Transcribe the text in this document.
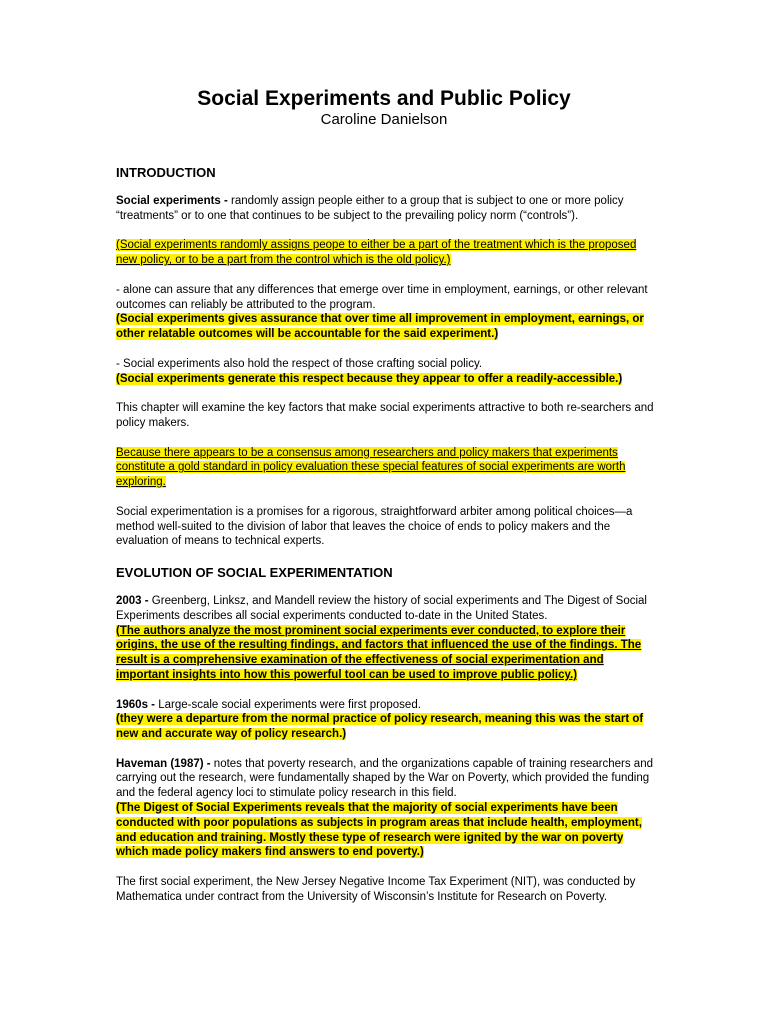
Social Experiments and Public Policy
Caroline Danielson
INTRODUCTION

Social experiments - randomly assign people either to a group that is subject to one or more policy “treatments” or to one that continues to be subject to the prevailing policy norm (“controls”).

(Social experiments randomly assigns peope to either be a part of the treatment which is the proposed new policy, or to be a part from the control which is the old policy.)

- alone can assure that any differences that emerge over time in employment, earnings, or other relevant outcomes can reliably be attributed to the program.
(Social experiments gives assurance that over time all improvement in employment, earnings, or other relatable outcomes will be accountable for the said experiment.)

- Social experiments also hold the respect of those crafting social policy.
(Social experiments generate this respect because they appear to offer a readily-accessible.)

This chapter will examine the key factors that make social experiments attractive to both re-searchers and policy makers.

Because there appears to be a consensus among researchers and policy makers that experiments constitute a gold standard in policy evaluation these special features of social experiments are worth exploring.

Social experimentation is a promises for a rigorous, straightforward arbiter among political choices—a method well-suited to the division of labor that leaves the choice of ends to policy makers and the evaluation of means to technical experts.

EVOLUTION OF SOCIAL EXPERIMENTATION

2003 - Greenberg, Linksz, and Mandell review the history of social experiments and The Digest of Social Experiments describes all social experiments conducted to-date in the United States.
(The authors analyze the most prominent social experiments ever conducted, to explore their origins, the use of the resulting findings, and factors that influenced the use of the findings. The result is a comprehensive examination of the effectiveness of social experimentation and important insights into how this powerful tool can be used to improve public policy.)

1960s - Large-scale social experiments were first proposed.
(they were a departure from the normal practice of policy research, meaning this was the start of new and accurate way of policy research.)

Haveman (1987) - notes that poverty research, and the organizations capable of training researchers and carrying out the research, were fundamentally shaped by the War on Poverty, which provided the funding and the federal agency loci to stimulate policy research in this field.
(The Digest of Social Experiments reveals that the majority of social experiments have been conducted with poor populations as subjects in program areas that include health, employment, and education and training. Mostly these type of research were ignited by the war on poverty which made policy makers find answers to end poverty.)

The first social experiment, the New Jersey Negative Income Tax Experiment (NIT), was conducted by Mathematica under contract from the University of Wisconsin’s Institute for Research on Poverty.
